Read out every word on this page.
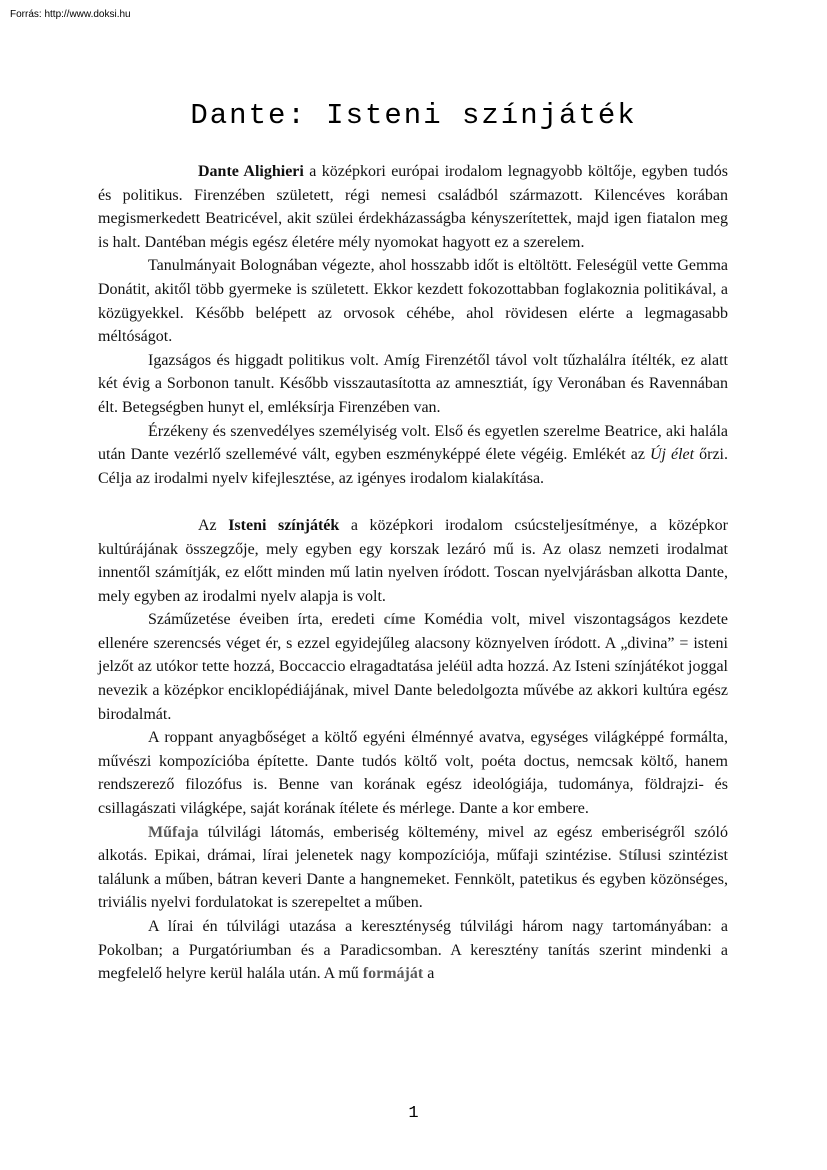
Forrás: http://www.doksi.hu
Dante: Isteni színjáték

Dante Alighieri a középkori európai irodalom legnagyobb költője, egyben tudós és politikus. Firenzében született, régi nemesi családból származott. Kilencéves korában megismerkedett Beatricével, akit szülei érdekházasságba kényszerítettek, majd igen fiatalon meg is halt. Dantéban mégis egész életére mély nyomokat hagyott ez a szerelem.

Tanulmányait Bolognában végezte, ahol hosszabb időt is eltöltött. Feleségül vette Gemma Donátit, akitől több gyermeke is született. Ekkor kezdett fokozottabban foglakoznia politikával, a közügyekkel. Később belépett az orvosok céhébe, ahol rövidesen elérte a legmagasabb méltóságot.

Igazságos és higgadt politikus volt. Amíg Firenzétől távol volt tűzhalálra ítélték, ez alatt két évig a Sorbonon tanult. Később visszautasította az amnesztiát, így Veronában és Ravennában élt. Betegségben hunyt el, emléksírja Firenzében van.

Érzékeny és szenvedélyes személyiség volt. Első és egyetlen szerelme Beatrice, aki halála után Dante vezérlő szellemévé vált, egyben eszményképpé élete végéig. Emlékét az Új élet őrzi. Célja az irodalmi nyelv kifejlesztése, az igényes irodalom kialakítása.

Az Isteni színjáték a középkori irodalom csúcsteljesítménye, a középkor kultúrájának összegzője, mely egyben egy korszak lezáró mű is. Az olasz nemzeti irodalmat innentől számítják, ez előtt minden mű latin nyelven íródott. Toscan nyelvjárásban alkotta Dante, mely egyben az irodalmi nyelv alapja is volt.

Száműzetése éveiben írta, eredeti címe Komédia volt, mivel viszontagságos kezdete ellenére szerencsés véget ér, s ezzel egyidejűleg alacsony köznyelven íródott. A „divina” = isteni jelzőt az utókor tette hozzá, Boccaccio elragadtatása jeléül adta hozzá. Az Isteni színjátékot joggal nevezik a középkor enciklopédiájának, mivel Dante beledolgozta művébe az akkori kultúra egész birodalmát.

A roppant anyagbőséget a költő egyéni élménnyé avatva, egységes világképpé formálta, művészi kompozícióba építette. Dante tudós költő volt, poéta doctus, nemcsak költő, hanem rendszerező filozófus is. Benne van korának egész ideológiája, tudománya, földrajzi- és csillagászati világképe, saját korának ítélete és mérlege. Dante a kor embere.

Műfaja túlvilági látomás, emberiség költemény, mivel az egész emberiségről szóló alkotás. Epikai, drámai, lírai jelenetek nagy kompozíciója, műfaji szintézise. Stílusi szintézist találunk a műben, bátran keveri Dante a hangnemeket. Fennkölt, patetikus és egyben közönséges, triviális nyelvi fordulatokat is szerepeltet a műben.

A lírai én túlvilági utazása a kereszténység túlvilági három nagy tartományában: a Pokolban; a Purgatóriumban és a Paradicsomban. A keresztény tanítás szerint mindenki a megfelelő helyre kerül halála után. A mű formáját a

1
